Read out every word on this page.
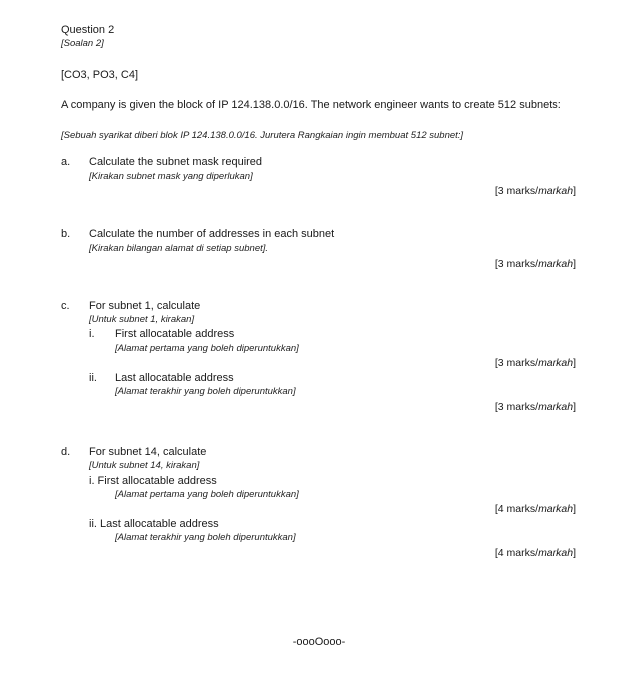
Question 2
[Soalan 2]
[CO3, PO3, C4]
A company is given the block of IP 124.138.0.0/16. The network engineer wants to create 512 subnets:
[Sebuah syarikat diberi blok IP 124.138.0.0/16. Jurutera Rangkaian ingin membuat 512 subnet:]
a. Calculate the subnet mask required
[Kirakan subnet mask yang diperlukan]
[3 marks/markah]
b. Calculate the number of addresses in each subnet
[Kirakan bilangan alamat di setiap subnet].
[3 marks/markah]
c. For subnet 1, calculate
[Untuk subnet 1, kirakan]
i. First allocatable address
[Alamat pertama yang boleh diperuntukkan]
[3 marks/markah]
ii. Last allocatable address
[Alamat terakhir yang boleh diperuntukkan]
[3 marks/markah]
d. For subnet 14, calculate
[Untuk subnet 14, kirakan]
i. First allocatable address
[Alamat pertama yang boleh diperuntukkan]
[4 marks/markah]
ii. Last allocatable address
[Alamat terakhir yang boleh diperuntukkan]
[4 marks/markah]
-oooOooo-
